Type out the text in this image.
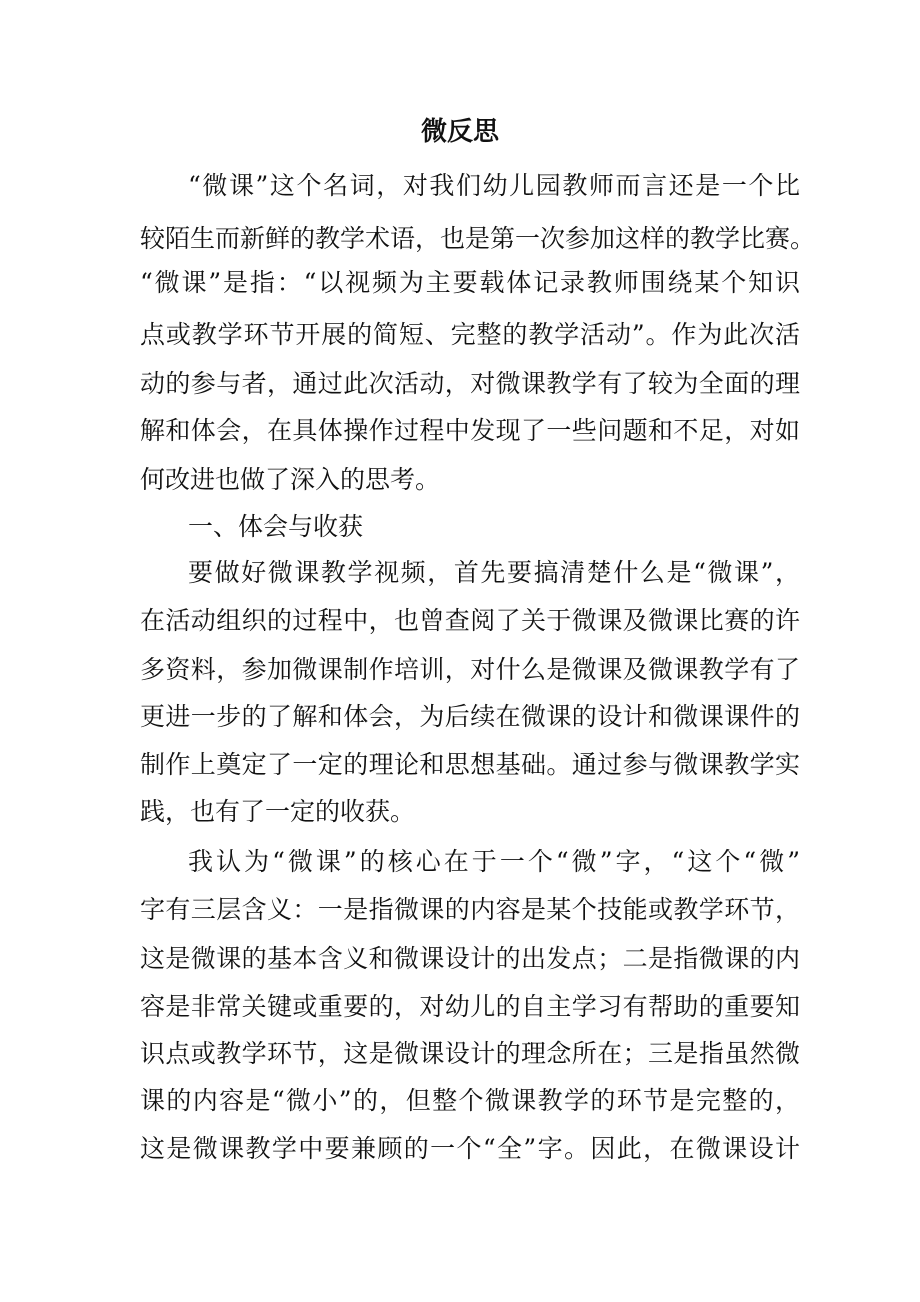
微反思
“微课”这个名词，对我们幼儿园教师而言还是一个比
较陌生而新鲜的教学术语，也是第一次参加这样的教学比赛。
“微课”是指：“以视频为主要载体记录教师围绕某个知识
点或教学环节开展的简短、完整的教学活动”。作为此次活
动的参与者，通过此次活动，对微课教学有了较为全面的理
解和体会，在具体操作过程中发现了一些问题和不足，对如
何改进也做了深入的思考。
一、体会与收获
要做好微课教学视频，首先要搞清楚什么是“微课”，
在活动组织的过程中，也曾查阅了关于微课及微课比赛的许
多资料，参加微课制作培训，对什么是微课及微课教学有了
更进一步的了解和体会，为后续在微课的设计和微课课件的
制作上奠定了一定的理论和思想基础。通过参与微课教学实
践，也有了一定的收获。
我认为“微课”的核心在于一个“微”字，“这个“微”
字有三层含义：一是指微课的内容是某个技能或教学环节，
这是微课的基本含义和微课设计的出发点；二是指微课的内
容是非常关键或重要的，对幼儿的自主学习有帮助的重要知
识点或教学环节，这是微课设计的理念所在；三是指虽然微
课的内容是“微小”的，但整个微课教学的环节是完整的，
这是微课教学中要兼顾的一个“全”字。因此，在微课设计
